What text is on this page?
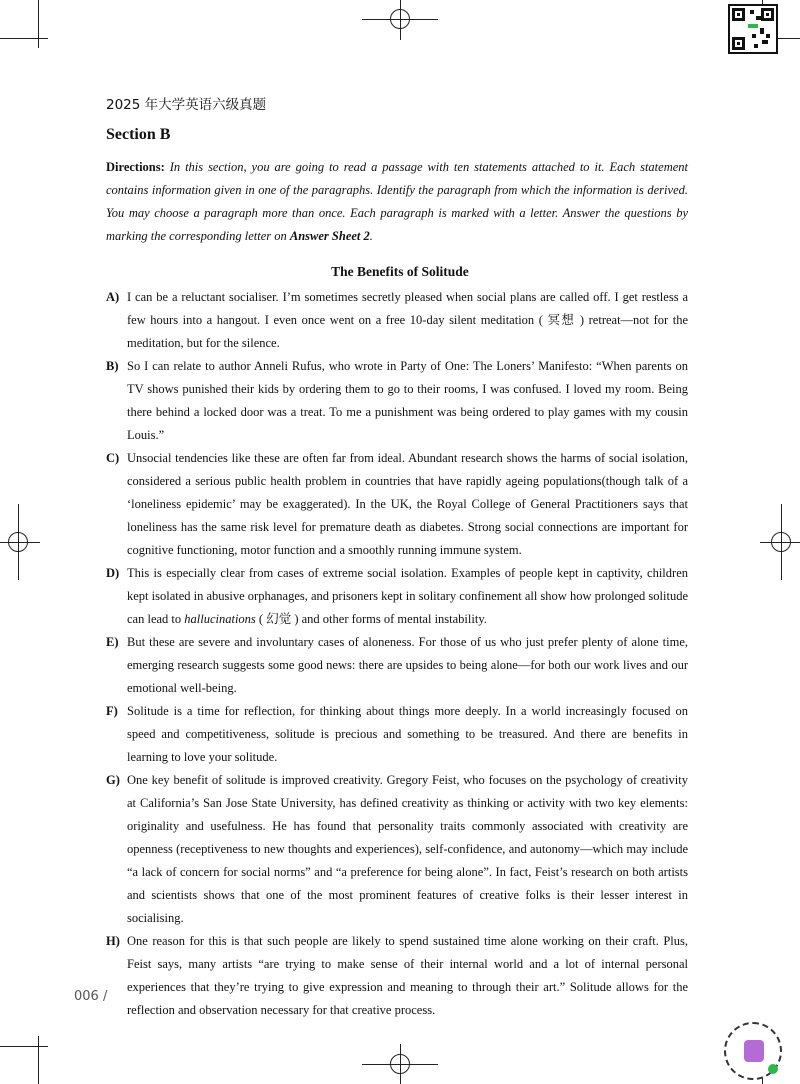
2025 年大学英语六级真题
Section B
Directions: In this section, you are going to read a passage with ten statements attached to it. Each statement contains information given in one of the paragraphs. Identify the paragraph from which the information is derived. You may choose a paragraph more than once. Each paragraph is marked with a letter. Answer the questions by marking the corresponding letter on Answer Sheet 2.
The Benefits of Solitude
A) I can be a reluctant socialiser. I’m sometimes secretly pleased when social plans are called off. I get restless a few hours into a hangout. I even once went on a free 10-day silent meditation ( 冥想 ) retreat—not for the meditation, but for the silence.
B) So I can relate to author Anneli Rufus, who wrote in Party of One: The Loners’ Manifesto: “When parents on TV shows punished their kids by ordering them to go to their rooms, I was confused. I loved my room. Being there behind a locked door was a treat. To me a punishment was being ordered to play games with my cousin Louis.”
C) Unsocial tendencies like these are often far from ideal. Abundant research shows the harms of social isolation, considered a serious public health problem in countries that have rapidly ageing populations(though talk of a ‘loneliness epidemic’ may be exaggerated). In the UK, the Royal College of General Practitioners says that loneliness has the same risk level for premature death as diabetes. Strong social connections are important for cognitive functioning, motor function and a smoothly running immune system.
D) This is especially clear from cases of extreme social isolation. Examples of people kept in captivity, children kept isolated in abusive orphanages, and prisoners kept in solitary confinement all show how prolonged solitude can lead to hallucinations ( 幻觉 ) and other forms of mental instability.
E) But these are severe and involuntary cases of aloneness. For those of us who just prefer plenty of alone time, emerging research suggests some good news: there are upsides to being alone—for both our work lives and our emotional well-being.
F) Solitude is a time for reflection, for thinking about things more deeply. In a world increasingly focused on speed and competitiveness, solitude is precious and something to be treasured. And there are benefits in learning to love your solitude.
G) One key benefit of solitude is improved creativity. Gregory Feist, who focuses on the psychology of creativity at California’s San Jose State University, has defined creativity as thinking or activity with two key elements: originality and usefulness. He has found that personality traits commonly associated with creativity are openness (receptiveness to new thoughts and experiences), self-confidence, and autonomy—which may include “a lack of concern for social norms” and “a preference for being alone”. In fact, Feist’s research on both artists and scientists shows that one of the most prominent features of creative folks is their lesser interest in socialising.
H) One reason for this is that such people are likely to spend sustained time alone working on their craft. Plus, Feist says, many artists “are trying to make sense of their internal world and a lot of internal personal experiences that they’re trying to give expression and meaning to through their art.” Solitude allows for the reflection and observation necessary for that creative process.
006 /
